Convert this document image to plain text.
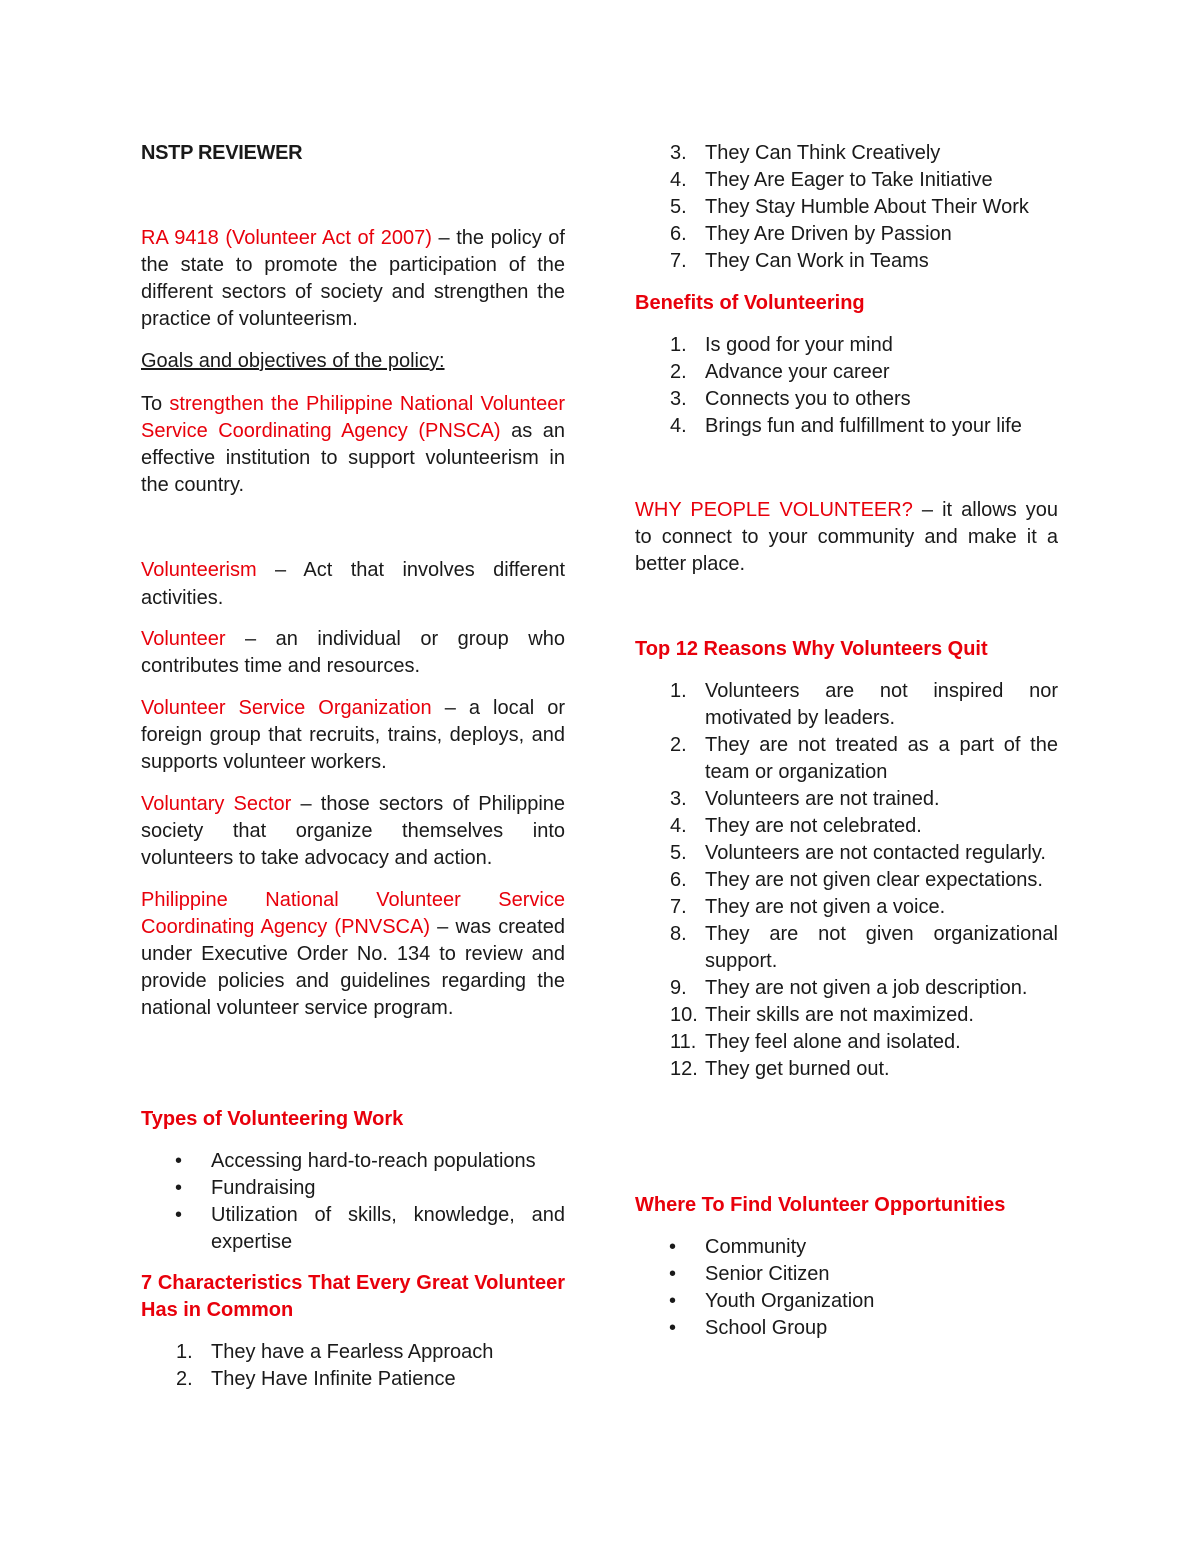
NSTP REVIEWER
RA 9418 (Volunteer Act of 2007) – the policy of the state to promote the participation of the different sectors of society and strengthen the practice of volunteerism.
Goals and objectives of the policy:
To strengthen the Philippine National Volunteer Service Coordinating Agency (PNSCA) as an effective institution to support volunteerism in the country.
Volunteerism – Act that involves different activities.
Volunteer – an individual or group who contributes time and resources.
Volunteer Service Organization – a local or foreign group that recruits, trains, deploys, and supports volunteer workers.
Voluntary Sector – those sectors of Philippine society that organize themselves into volunteers to take advocacy and action.
Philippine National Volunteer Service Coordinating Agency (PNVSCA) – was created under Executive Order No. 134 to review and provide policies and guidelines regarding the national volunteer service program.
Types of Volunteering Work
• Accessing hard-to-reach populations
• Fundraising
• Utilization of skills, knowledge, and expertise
7 Characteristics That Every Great Volunteer Has in Common
1. They have a Fearless Approach
2. They Have Infinite Patience
3. They Can Think Creatively
4. They Are Eager to Take Initiative
5. They Stay Humble About Their Work
6. They Are Driven by Passion
7. They Can Work in Teams
Benefits of Volunteering
1. Is good for your mind
2. Advance your career
3. Connects you to others
4. Brings fun and fulfillment to your life
WHY PEOPLE VOLUNTEER? – it allows you to connect to your community and make it a better place.
Top 12 Reasons Why Volunteers Quit
1. Volunteers are not inspired nor motivated by leaders.
2. They are not treated as a part of the team or organization
3. Volunteers are not trained.
4. They are not celebrated.
5. Volunteers are not contacted regularly.
6. They are not given clear expectations.
7. They are not given a voice.
8. They are not given organizational support.
9. They are not given a job description.
10. Their skills are not maximized.
11. They feel alone and isolated.
12. They get burned out.
Where To Find Volunteer Opportunities
• Community
• Senior Citizen
• Youth Organization
• School Group
